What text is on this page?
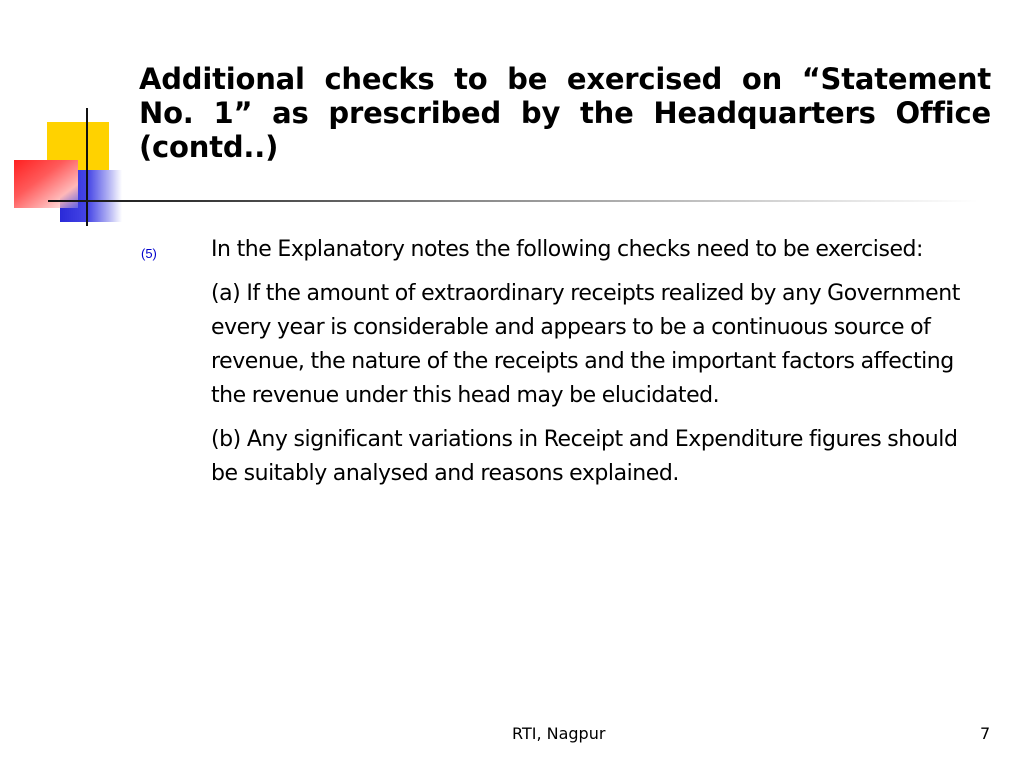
Additional checks to be exercised on “Statement No. 1” as prescribed by the Headquarters Office (contd..)
(5) In the Explanatory notes the following checks need to be exercised:

(a) If the amount of extraordinary receipts realized by any Government every year is considerable and appears to be a continuous source of revenue, the nature of the receipts and the important factors affecting the revenue under this head may be elucidated.

(b) Any significant variations in Receipt and Expenditure figures should be suitably analysed and reasons explained.

RTI, Nagpur	7
